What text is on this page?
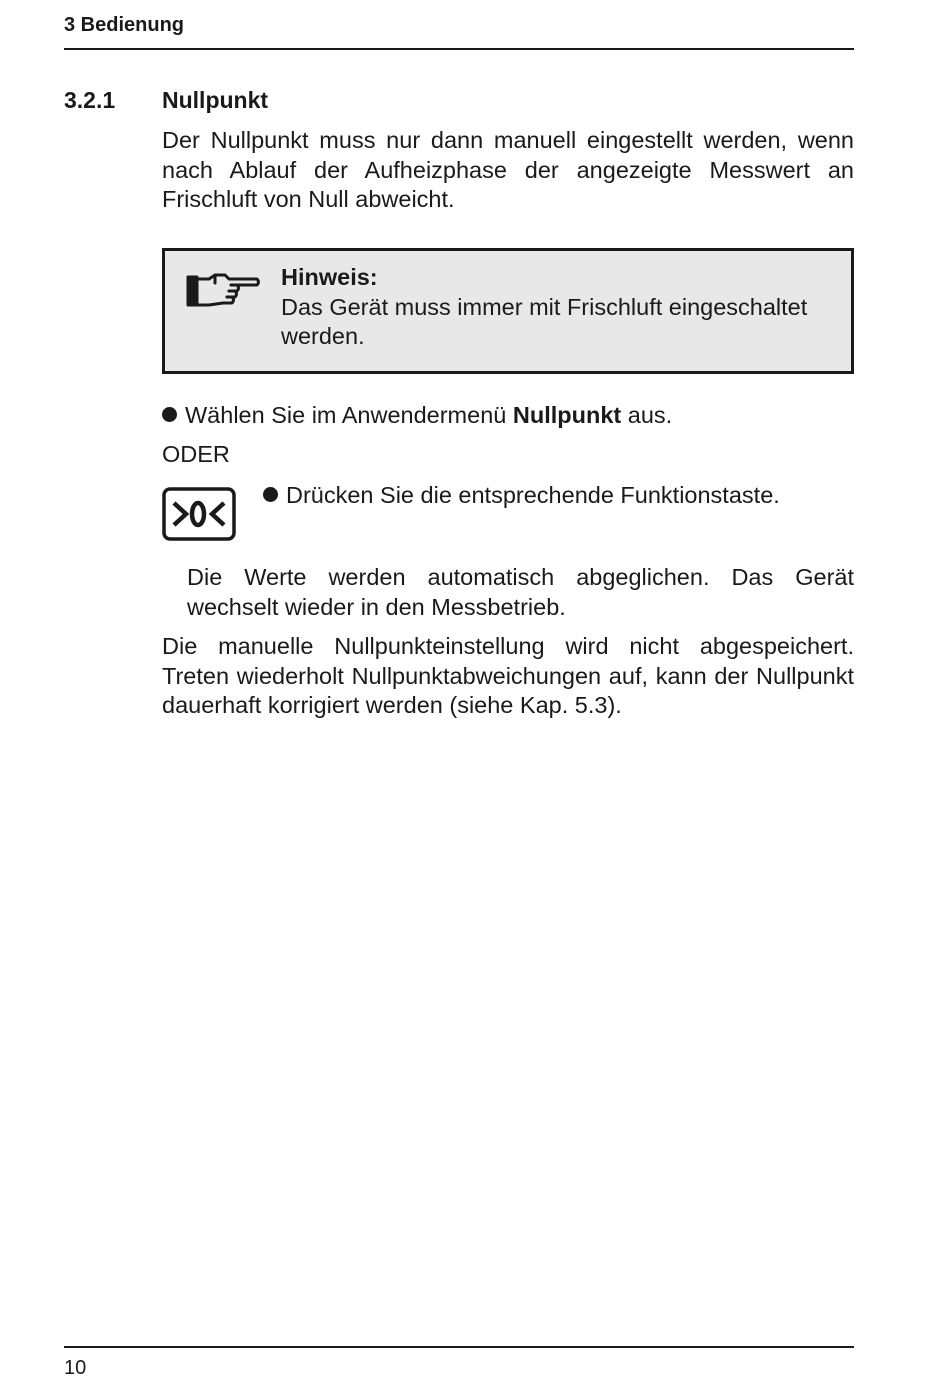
3 Bedienung
3.2.1 Nullpunkt
Der Nullpunkt muss nur dann manuell eingestellt werden, wenn nach Ablauf der Aufheizphase der angezeigte Messwert an Frischluft von Null abweicht.
Hinweis:
Das Gerät muss immer mit Frischluft eingeschaltet werden.
Wählen Sie im Anwendermenü Nullpunkt aus.
ODER
Drücken Sie die entsprechende Funktionstaste.
Die Werte werden automatisch abgeglichen. Das Gerät wechselt wieder in den Messbetrieb.
Die manuelle Nullpunkteinstellung wird nicht abgespeichert. Treten wiederholt Nullpunktabweichungen auf, kann der Nullpunkt dauerhaft korrigiert werden (siehe Kap. 5.3).
10
